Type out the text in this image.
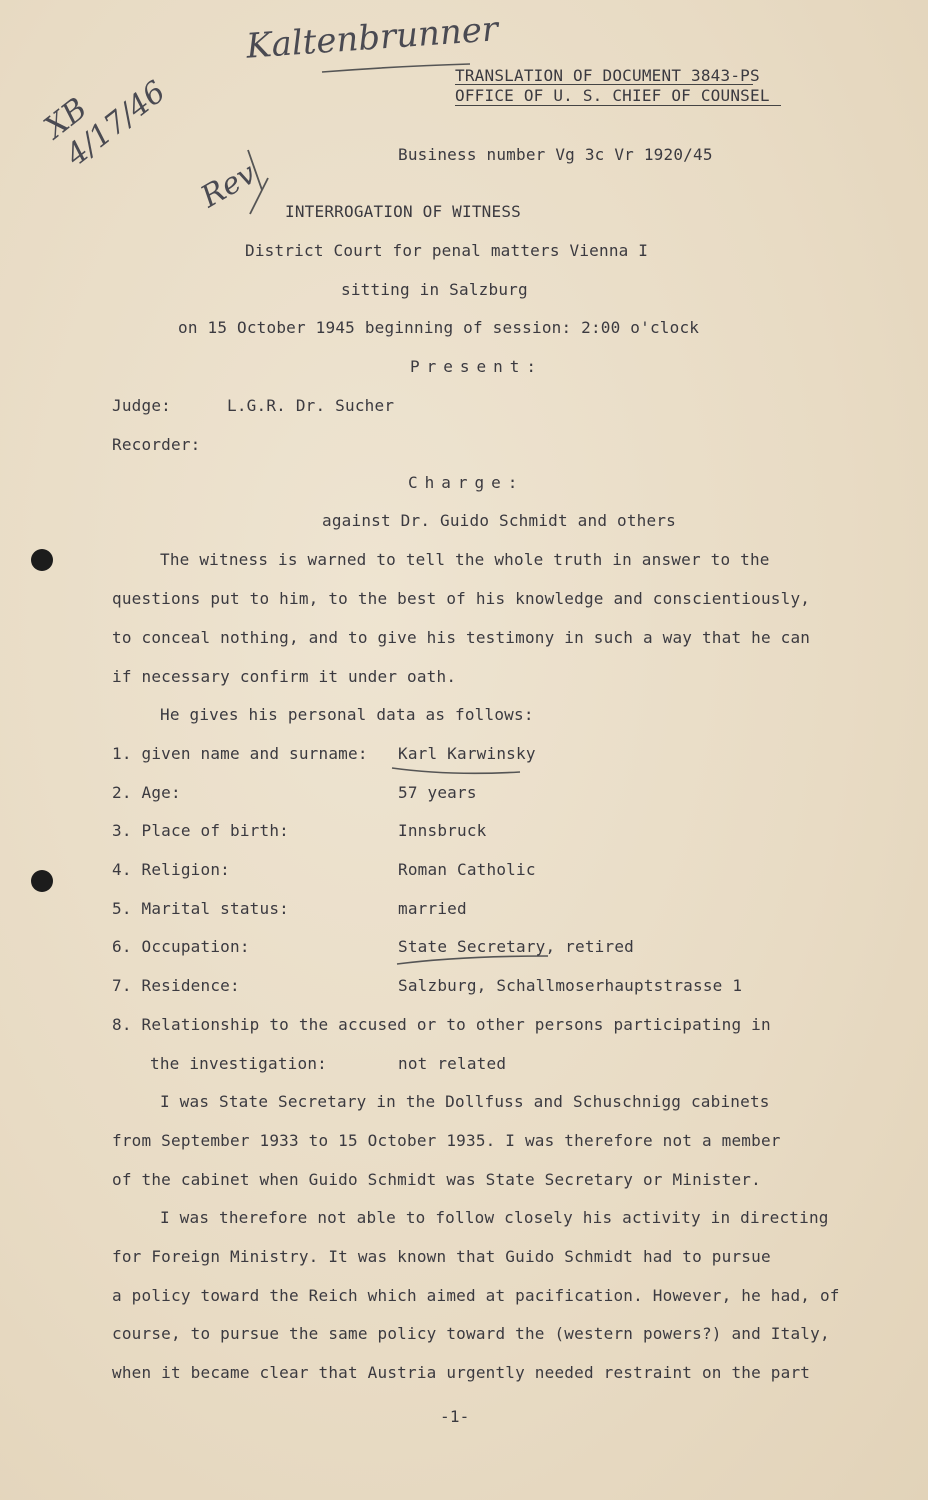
Kaltenbrunner
XB 4/17/46
Rev
TRANSLATION OF DOCUMENT 3843-PS
OFFICE OF U. S. CHIEF OF COUNSEL
Business number Vg 3c Vr 1920/45
INTERROGATION OF WITNESS
District Court for penal matters Vienna I
sitting in Salzburg
on 15 October 1945 beginning of session: 2:00 o'clock
Present:
Judge:	L.G.R. Dr. Sucher
Recorder:
Charge:
against Dr. Guido Schmidt and others
The witness is warned to tell the whole truth in answer to the
questions put to him, to the best of his knowledge and conscientiously,
to conceal nothing, and to give his testimony in such a way that he can
if necessary confirm it under oath.
He gives his personal data as follows:
1. given name and surname: Karl Karwinsky
2. Age:	57 years
3. Place of birth:	Innsbruck
4. Religion:	Roman Catholic
5. Marital status:	married
6. Occupation:	State Secretary, retired
7. Residence:	Salzburg, Schallmoserhauptstrasse 1
8. Relationship to the accused or to other persons participating in
the investigation:	not related
I was State Secretary in the Dollfuss and Schuschnigg cabinets
from September 1933 to 15 October 1935. I was therefore not a member
of the cabinet when Guido Schmidt was State Secretary or Minister.
I was therefore not able to follow closely his activity in directing
for Foreign Ministry. It was known that Guido Schmidt had to pursue
a policy toward the Reich which aimed at pacification. However, he had, of
course, to pursue the same policy toward the (western powers?) and Italy,
when it became clear that Austria urgently needed restraint on the part
-1-
